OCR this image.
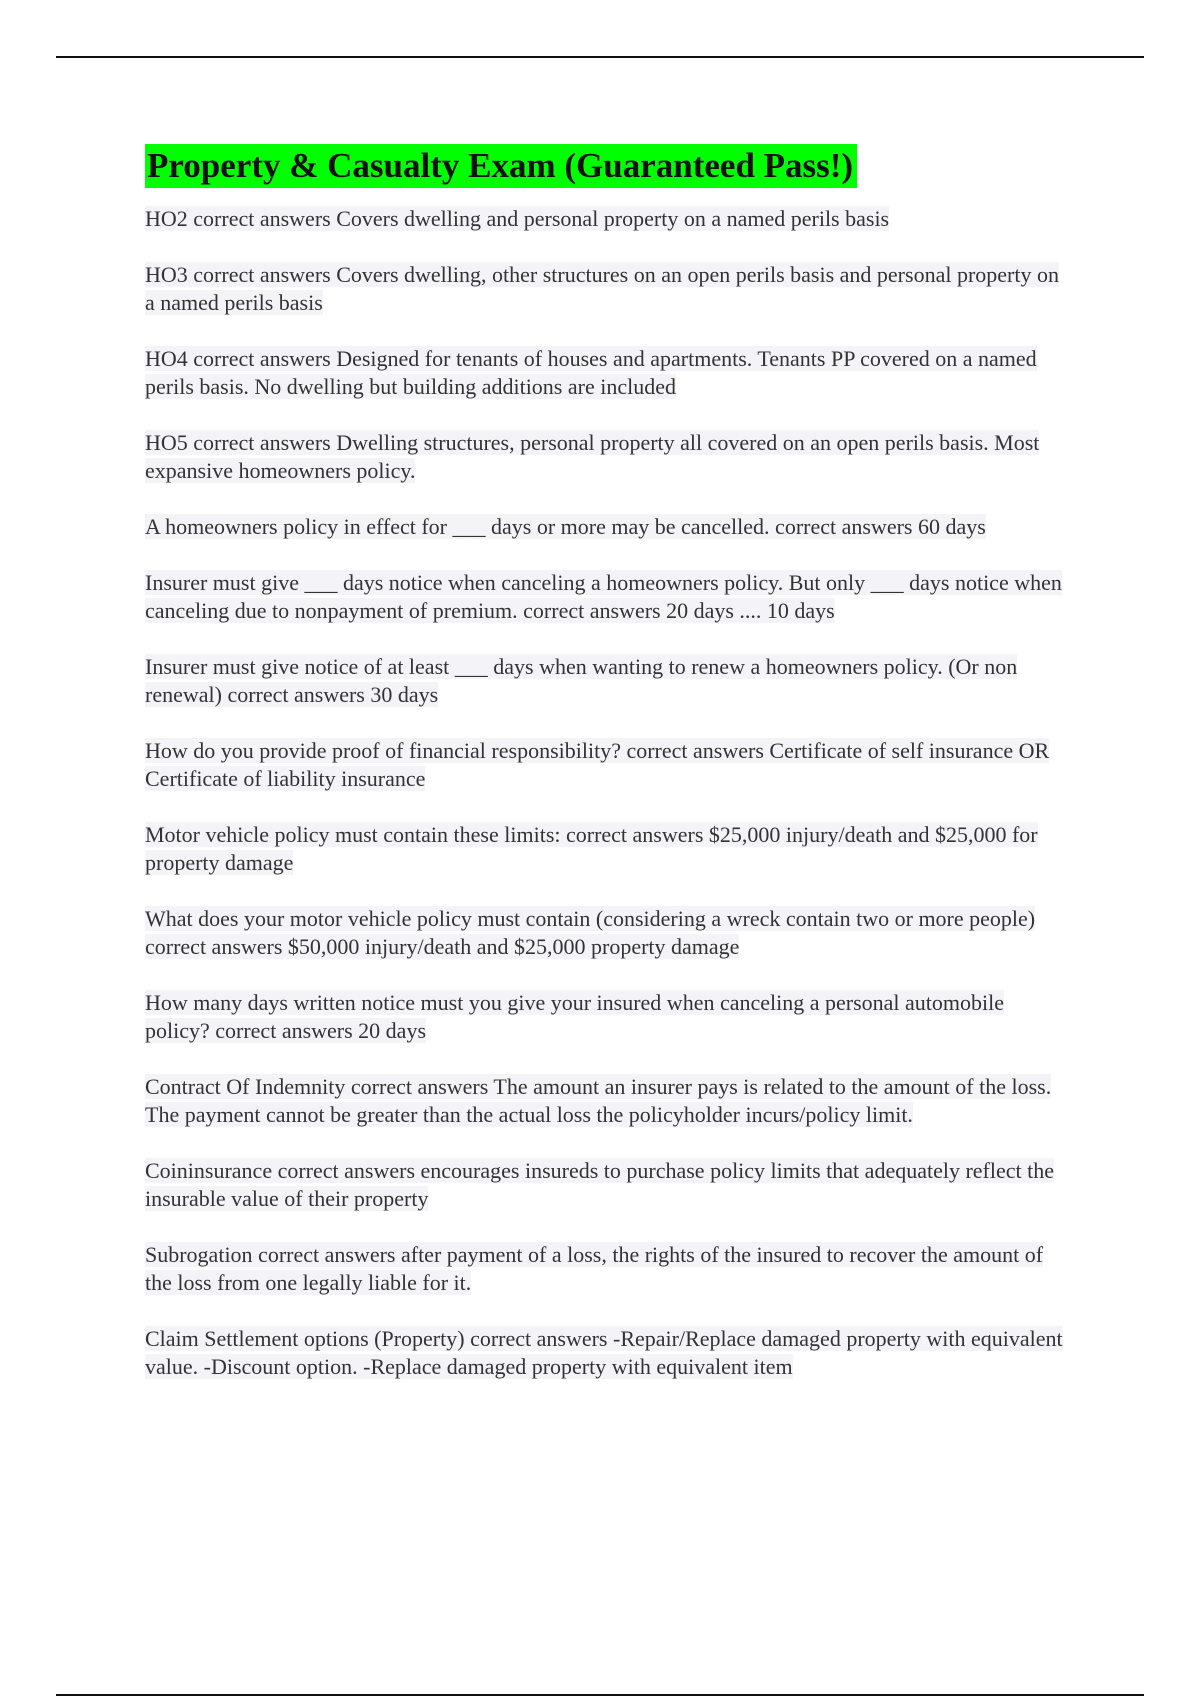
Property & Casualty Exam (Guaranteed Pass!)

HO2 correct answers Covers dwelling and personal property on a named perils basis

HO3 correct answers Covers dwelling, other structures on an open perils basis and personal property on a named perils basis

HO4 correct answers Designed for tenants of houses and apartments. Tenants PP covered on a named perils basis. No dwelling but building additions are included

HO5 correct answers Dwelling structures, personal property all covered on an open perils basis. Most expansive homeowners policy.

A homeowners policy in effect for ___ days or more may be cancelled. correct answers 60 days

Insurer must give ___ days notice when canceling a homeowners policy. But only ___ days notice when canceling due to nonpayment of premium. correct answers 20 days .... 10 days

Insurer must give notice of at least ___ days when wanting to renew a homeowners policy. (Or non renewal) correct answers 30 days

How do you provide proof of financial responsibility? correct answers Certificate of self insurance OR Certificate of liability insurance

Motor vehicle policy must contain these limits: correct answers $25,000 injury/death and $25,000 for property damage

What does your motor vehicle policy must contain (considering a wreck contain two or more people) correct answers $50,000 injury/death and $25,000 property damage

How many days written notice must you give your insured when canceling a personal automobile policy? correct answers 20 days

Contract Of Indemnity correct answers The amount an insurer pays is related to the amount of the loss. The payment cannot be greater than the actual loss the policyholder incurs/policy limit.

Coininsurance correct answers encourages insureds to purchase policy limits that adequately reflect the insurable value of their property

Subrogation correct answers after payment of a loss, the rights of the insured to recover the amount of the loss from one legally liable for it.

Claim Settlement options (Property) correct answers -Repair/Replace damaged property with equivalent value. -Discount option. -Replace damaged property with equivalent item
